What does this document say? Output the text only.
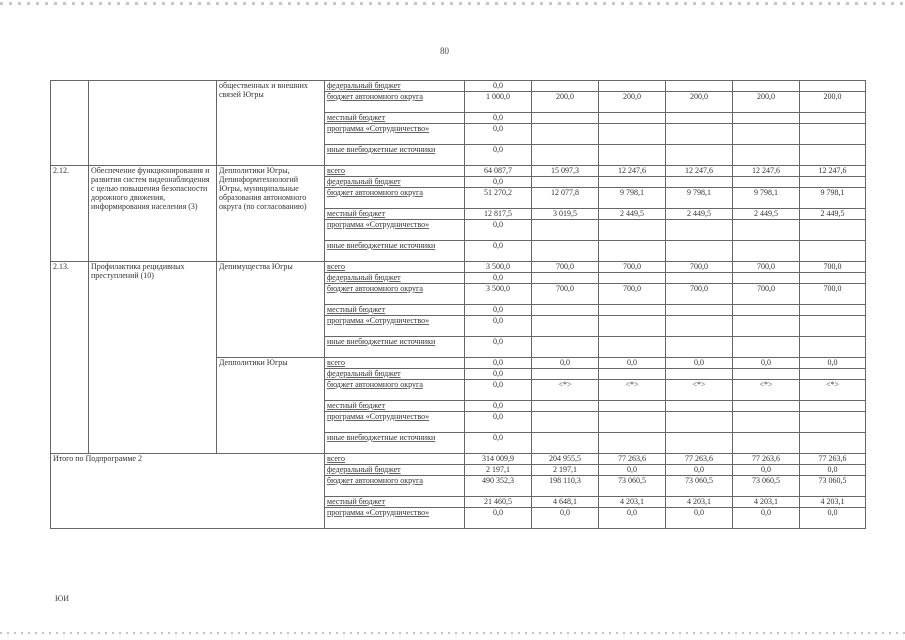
80
		общественных и внешних связей Югры	федеральный бюджет	0,0					
			бюджет автономного округа	1 000,0	200,0	200,0	200,0	200,0	200,0
			местный бюджет	0,0					
			программа «Сотрудничество»	0,0					
			иные внебюджетные источники	0,0					
2.12.	Обеспечение функционирования и развития систем видеонаблюдения с целью повышения безопасности дорожного движения, информирования населения (3)	Депполитики Югры, Депинформтехнологий Югры, муниципальные образования автономного округа (по согласованию)	всего	64 087,7	15 097,3	12 247,6	12 247,6	12 247,6	12 247,6
			федеральный бюджет	0,0					
			бюджет автономного округа	51 270,2	12 077,8	9 798,1	9 798,1	9 798,1	9 798,1
			местный бюджет	12 817,5	3 019,5	2 449,5	2 449,5	2 449,5	2 449,5
			программа «Сотрудничество»	0,0					
			иные внебюджетные источники	0,0					
2.13.	Профилактика рецидивных преступлений (10)	Депимущества Югры	всего	3 500,0	700,0	700,0	700,0	700,0	700,0
			федеральный бюджет	0,0					
			бюджет автономного округа	3 500,0	700,0	700,0	700,0	700,0	700,0
			местный бюджет	0,0					
			программа «Сотрудничество»	0,0					
			иные внебюджетные источники	0,0					
		Депполитики Югры	всего	0,0	0,0	0,0	0,0	0,0	0,0
			федеральный бюджет	0,0					
			бюджет автономного округа	0,0	<*>	<*>	<*>	<*>	<*>
			местный бюджет	0,0					
			программа «Сотрудничество»	0,0					
			иные внебюджетные источники	0,0					
Итого по Подпрограмме 2			всего	314 009,9	204 955,5	77 263,6	77 263,6	77 263,6	77 263,6
			федеральный бюджет	2 197,1	2 197,1	0,0	0,0	0,0	0,0
			бюджет автономного округа	490 352,3	198 110,3	73 060,5	73 060,5	73 060,5	73 060,5
			местный бюджет	21 460,5	4 648,1	4 203,1	4 203,1	4 203,1	4 203,1
			программа «Сотрудничество»	0,0	0,0	0,0	0,0	0,0	0,0
ЮИ
